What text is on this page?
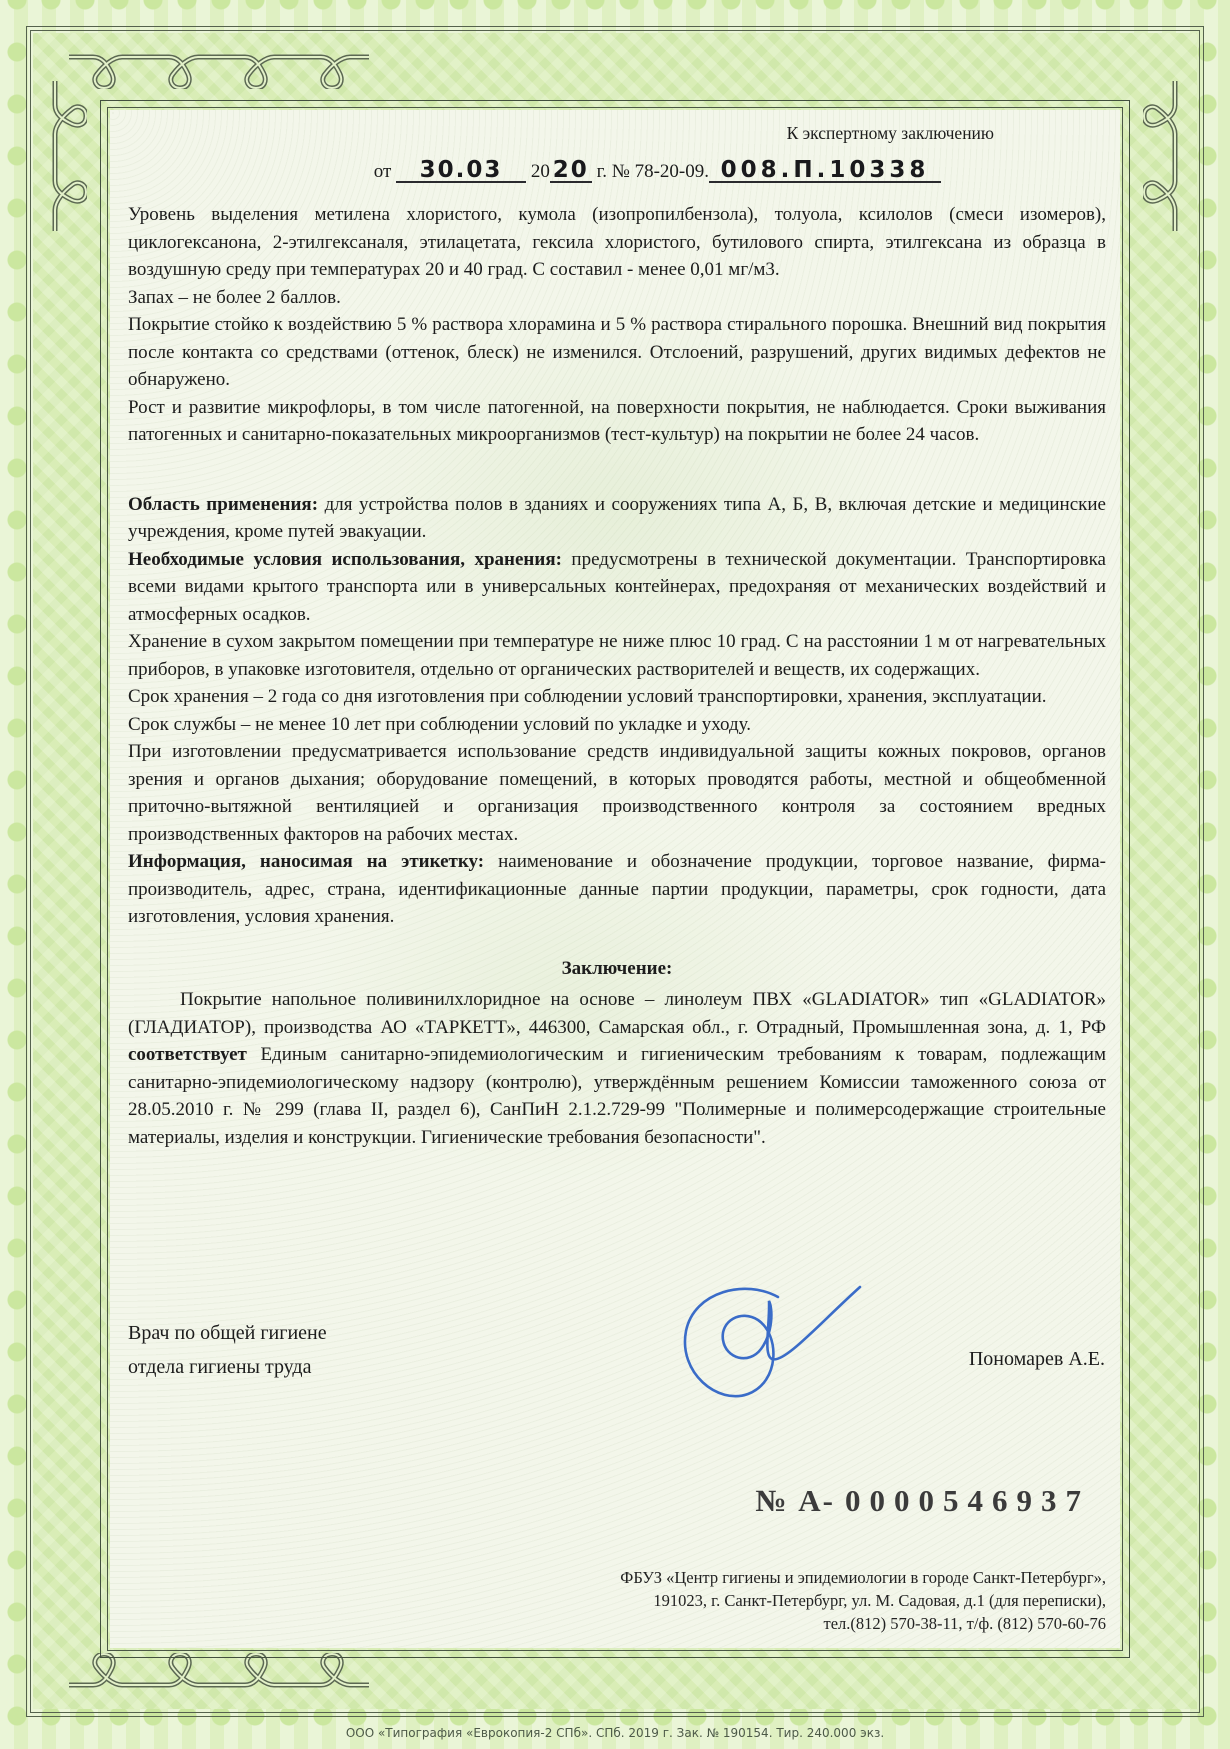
К экспертному заключению
от 30.03 20 20 г. № 78-20-09. 008.П.10338

Уровень выделения метилена хлористого, кумола (изопропилбензола), толуола, ксилолов (смеси изомеров), циклогексанона, 2-этилгексаналя, этилацетата, гексила хлористого, бутилового спирта, этилгексана из образца в воздушную среду при температурах 20 и 40 град. С составил - менее 0,01 мг/м3.

Запах – не более 2 баллов.

Покрытие стойко к воздействию 5 % раствора хлорамина и 5 % раствора стирального порошка. Внешний вид покрытия после контакта со средствами (оттенок, блеск) не изменился. Отслоений, разрушений, других видимых дефектов не обнаружено.

Рост и развитие микрофлоры, в том числе патогенной, на поверхности покрытия, не наблюдается. Сроки выживания патогенных и санитарно-показательных микроорганизмов (тест-культур) на покрытии не более 24 часов.

Область применения: для устройства полов в зданиях и сооружениях типа А, Б, В, включая детские и медицинские учреждения, кроме путей эвакуации.

Необходимые условия использования, хранения: предусмотрены в технической документации. Транспортировка всеми видами крытого транспорта или в универсальных контейнерах, предохраняя от механических воздействий и атмосферных осадков.

Хранение в сухом закрытом помещении при температуре не ниже плюс 10 град. С на расстоянии 1 м от нагревательных приборов, в упаковке изготовителя, отдельно от органических растворителей и веществ, их содержащих.

Срок хранения – 2 года со дня изготовления при соблюдении условий транспортировки, хранения, эксплуатации.

Срок службы – не менее 10 лет при соблюдении условий по укладке и уходу.

При изготовлении предусматривается использование средств индивидуальной защиты кожных покровов, органов зрения и органов дыхания; оборудование помещений, в которых проводятся работы, местной и общеобменной приточно-вытяжной вентиляцией и организация производственного контроля за состоянием вредных производственных факторов на рабочих местах.

Информация, наносимая на этикетку: наименование и обозначение продукции, торговое название, фирма-производитель, адрес, страна, идентификационные данные партии продукции, параметры, срок годности, дата изготовления, условия хранения.

Заключение:

Покрытие напольное поливинилхлоридное на основе – линолеум ПВХ «GLADIATOR» тип «GLADIATOR» (ГЛАДИАТОР), производства АО «ТАРКЕТТ», 446300, Самарская обл., г. Отрадный, Промышленная зона, д. 1, РФ соответствует Единым санитарно-эпидемиологическим и гигиеническим требованиям к товарам, подлежащим санитарно-эпидемиологическому надзору (контролю), утверждённым решением Комиссии таможенного союза от 28.05.2010 г. № 299 (глава II, раздел 6), СанПиН 2.1.2.729-99 "Полимерные и полимерсодержащие строительные материалы, изделия и конструкции. Гигиенические требования безопасности".

Врач по общей гигиене
отдела гигиены труда	Пономарев А.Е.
№ А- 0000546937
ФБУЗ «Центр гигиены и эпидемиологии в городе Санкт-Петербург»,
191023, г. Санкт-Петербург, ул. М. Садовая, д.1 (для переписки),
тел.(812) 570-38-11, т/ф. (812) 570-60-76
ООО «Типография «Еврокопия-2 СПб». СПб. 2019 г. Зак. № 190154. Тир. 240.000 экз.
